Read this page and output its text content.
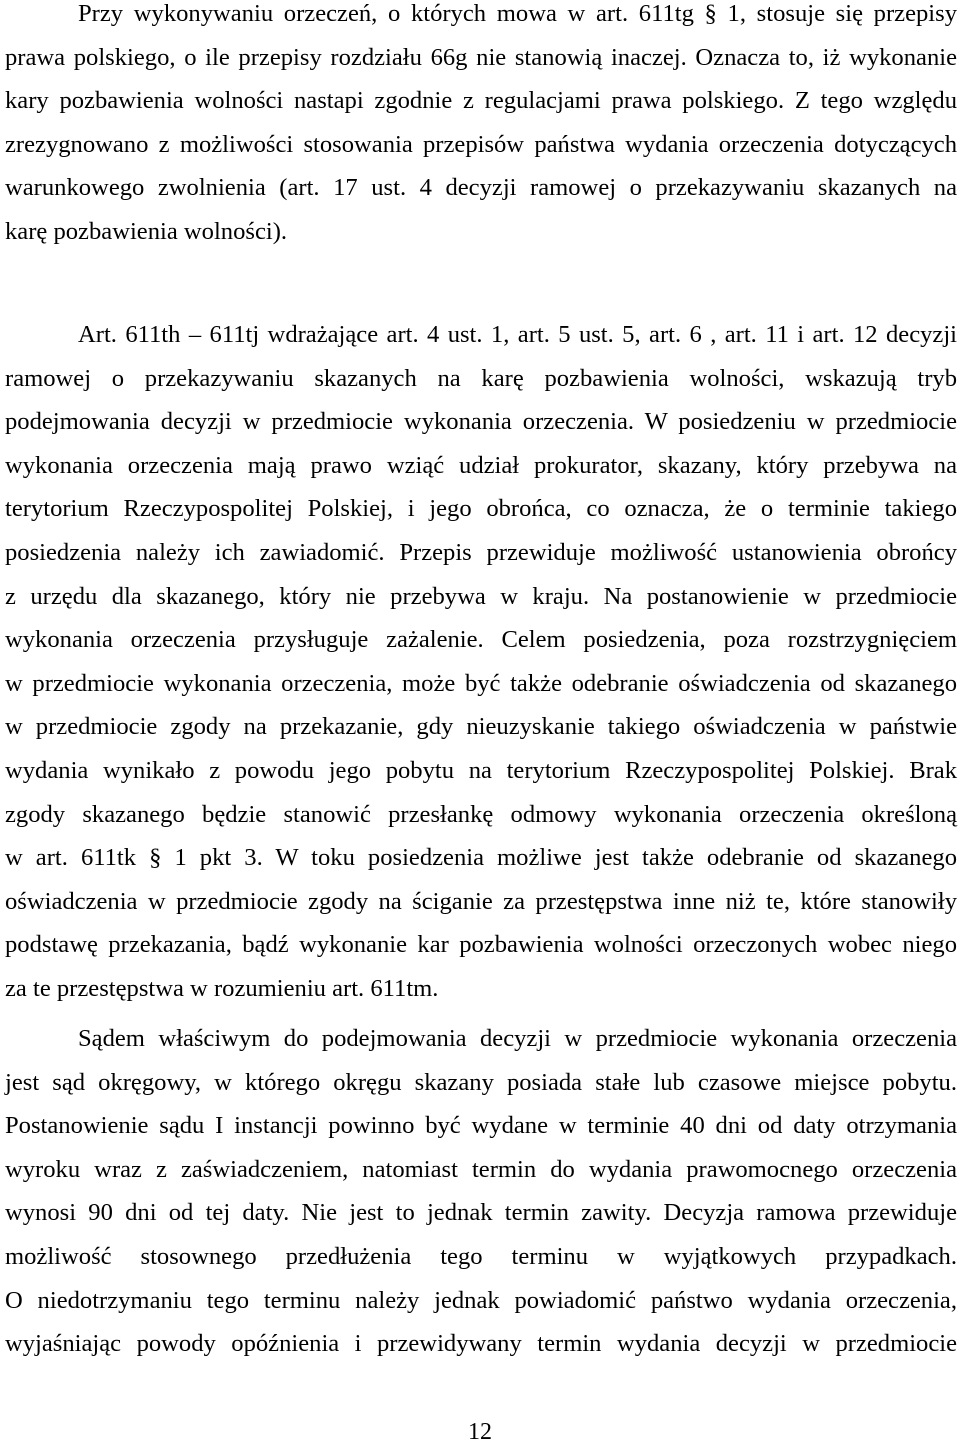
Przy wykonywaniu orzeczeń, o których mowa w art. 611tg § 1, stosuje się przepisy
prawa polskiego, o ile przepisy rozdziału 66g nie stanowią inaczej. Oznacza to, iż wykonanie
kary pozbawienia wolności nastapi zgodnie z regulacjami prawa polskiego. Z tego względu
zrezygnowano z możliwości stosowania przepisów państwa wydania orzeczenia dotyczących
warunkowego zwolnienia (art. 17 ust. 4 decyzji ramowej o przekazywaniu skazanych na
karę pozbawienia wolności).
Art. 611th – 611tj wdrażające art. 4 ust. 1, art. 5 ust. 5, art. 6 , art. 11 i art. 12 decyzji
ramowej o przekazywaniu skazanych na karę pozbawienia wolności, wskazują tryb
podejmowania decyzji w przedmiocie wykonania orzeczenia. W posiedzeniu w przedmiocie
wykonania orzeczenia mają prawo wziąć udział prokurator, skazany, który przebywa na
terytorium Rzeczypospolitej Polskiej, i jego obrońca, co oznacza, że o terminie takiego
posiedzenia należy ich zawiadomić. Przepis przewiduje możliwość ustanowienia obrońcy
z urzędu dla skazanego, który nie przebywa w kraju. Na postanowienie w przedmiocie
wykonania orzeczenia przysługuje zażalenie. Celem posiedzenia, poza rozstrzygnięciem
w przedmiocie wykonania orzeczenia, może być także odebranie oświadczenia od skazanego
w przedmiocie zgody na przekazanie, gdy nieuzyskanie takiego oświadczenia w państwie
wydania wynikało z powodu jego pobytu na terytorium Rzeczypospolitej Polskiej. Brak
zgody skazanego będzie stanowić przesłankę odmowy wykonania orzeczenia określoną
w art. 611tk § 1 pkt 3. W toku posiedzenia możliwe jest także odebranie od skazanego
oświadczenia w przedmiocie zgody na ściganie za przestępstwa inne niż te, które stanowiły
podstawę przekazania, bądź wykonanie kar pozbawienia wolności orzeczonych wobec niego
za te przestępstwa w rozumieniu art. 611tm.
Sądem właściwym do podejmowania decyzji w przedmiocie wykonania orzeczenia
jest sąd okręgowy, w którego okręgu skazany posiada stałe lub czasowe miejsce pobytu.
Postanowienie sądu I instancji powinno być wydane w terminie 40 dni od daty otrzymania
wyroku wraz z zaświadczeniem, natomiast termin do wydania prawomocnego orzeczenia
wynosi 90 dni od tej daty. Nie jest to jednak termin zawity. Decyzja ramowa przewiduje
możliwość stosownego przedłużenia tego terminu w wyjątkowych przypadkach.
O niedotrzymaniu tego terminu należy jednak powiadomić państwo wydania orzeczenia,
wyjaśniając powody opóźnienia i przewidywany termin wydania decyzji w przedmiocie
12
